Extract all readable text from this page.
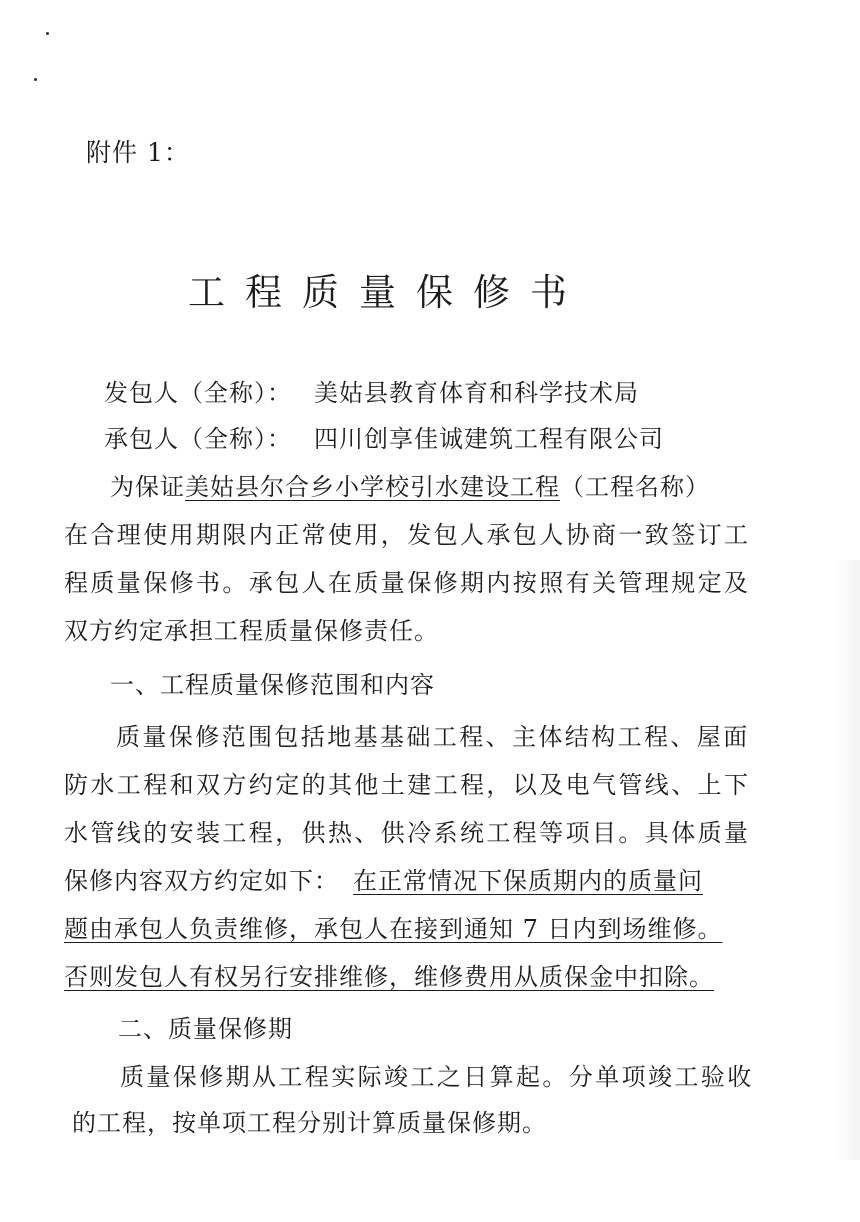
附件 1：
工程质量保修书
发包人（全称）： 美姑县教育体育和科学技术局
承包人（全称）： 四川创享佳诚建筑工程有限公司
为保证美姑县尔合乡小学校引水建设工程（工程名称）
在合理使用期限内正常使用，发包人承包人协商一致签订工
程质量保修书。承包人在质量保修期内按照有关管理规定及
双方约定承担工程质量保修责任。
一、工程质量保修范围和内容
质量保修范围包括地基基础工程、主体结构工程、屋面
防水工程和双方约定的其他土建工程，以及电气管线、上下
水管线的安装工程，供热、供冷系统工程等项目。具体质量
保修内容双方约定如下： 在正常情况下保质期内的质量问
题由承包人负责维修，承包人在接到通知 7 日内到场维修。
否则发包人有权另行安排维修，维修费用从质保金中扣除。
二、质量保修期
质量保修期从工程实际竣工之日算起。分单项竣工验收
的工程，按单项工程分别计算质量保修期。
